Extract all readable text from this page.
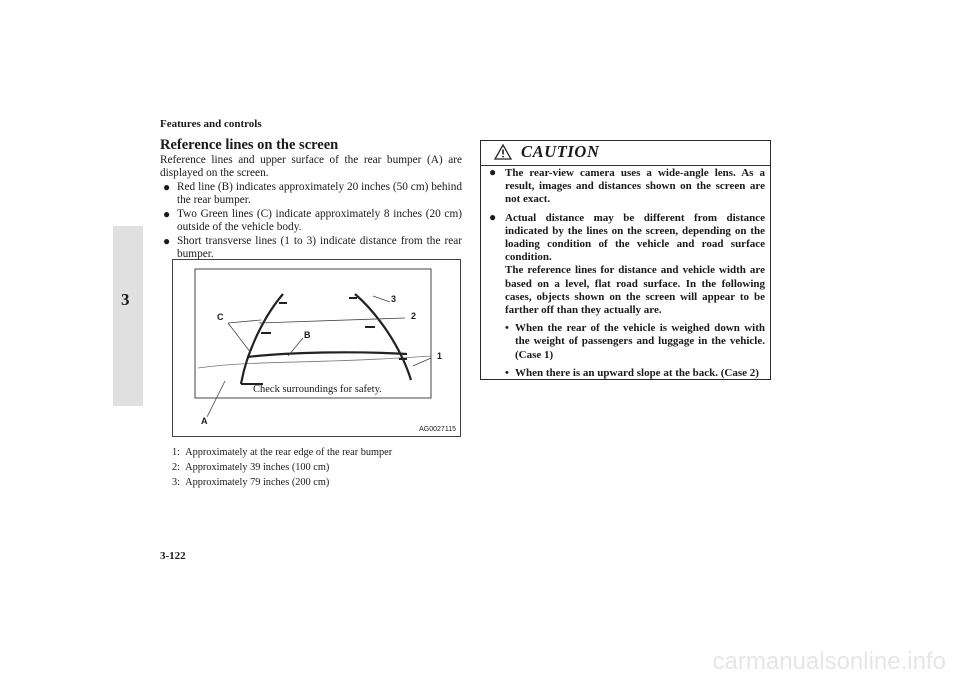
Features and controls
3
Reference lines on the screen
Reference lines and upper surface of the rear bumper (A) are displayed on the screen.
● Red line (B) indicates approximately 20 inches (50 cm) behind the rear bumper.
● Two Green lines (C) indicate approximately 8 inches (20 cm) outside of the vehicle body.
● Short transverse lines (1 to 3) indicate distance from the rear bumper.
C
B
3
2
1
A
Check surroundings for safety.
AG0027115
1:  Approximately at the rear edge of the rear bumper
2:  Approximately 39 inches (100 cm)
3:  Approximately 79 inches (200 cm)
CAUTION
● The rear-view camera uses a wide-angle lens. As a result, images and distances shown on the screen are not exact.
● Actual distance may be different from distance indicated by the lines on the screen, depending on the loading condition of the vehicle and road surface condition.
The reference lines for distance and vehicle width are based on a level, flat road surface. In the following cases, objects shown on the screen will appear to be farther off than they actually are.
• When the rear of the vehicle is weighed down with the weight of passengers and luggage in the vehicle. (Case 1)
• When there is an upward slope at the back. (Case 2)
3-122
carmanualsonline.info
